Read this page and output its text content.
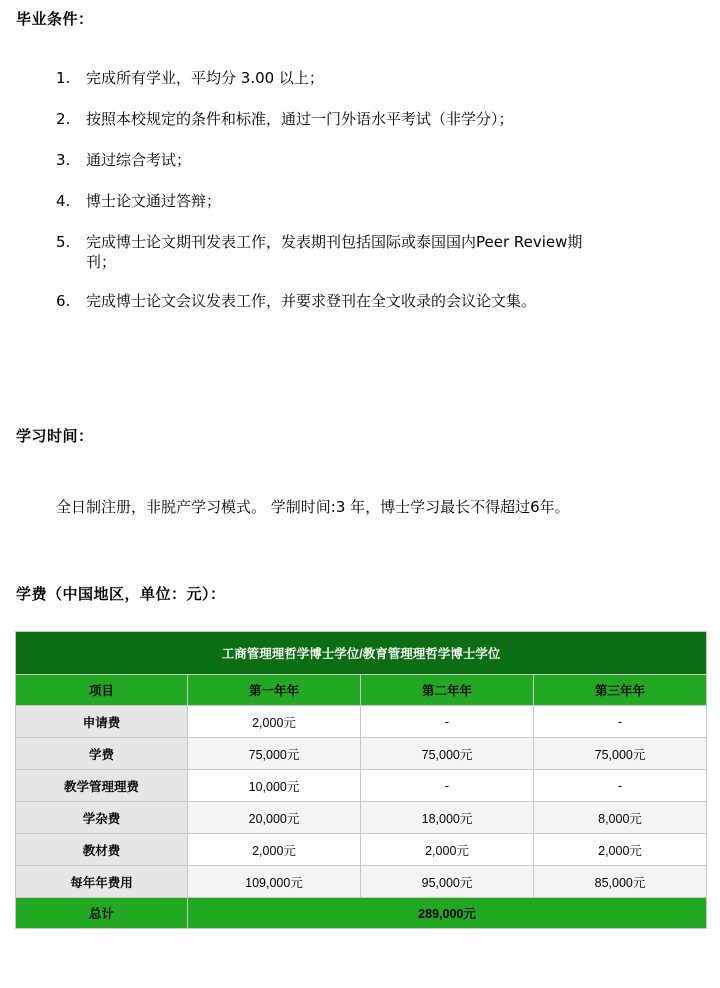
毕业条件：
1.	完成所有学业，平均分 3.00 以上；
2.	按照本校规定的条件和标准，通过一门外语水平考试（非学分）；
3.	通过综合考试；
4.	博士论文通过答辩；
5.	完成博士论文期刊发表工作，发表期刊包括国际或泰国国内Peer Review期刊；
6.	完成博士论文会议发表工作，并要求登刊在全文收录的会议论文集。
学习时间：
全日制注册，非脱产学习模式。 学制时间:3 年，博士学习最长不得超过6年。
学费（中国地区，单位：元）：
工商管理理哲学博士学位/教育管理理哲学博士学位			
项目	第一年年	第二年年	第三年年
申请费	2,000元	-	-
学费	75,000元	75,000元	75,000元
教学管理理费	10,000元	-	-
学杂费	20,000元	18,000元	8,000元
教材费	2,000元	2,000元	2,000元
每年年费用	109,000元	95,000元	85,000元
总计	289,000元		
